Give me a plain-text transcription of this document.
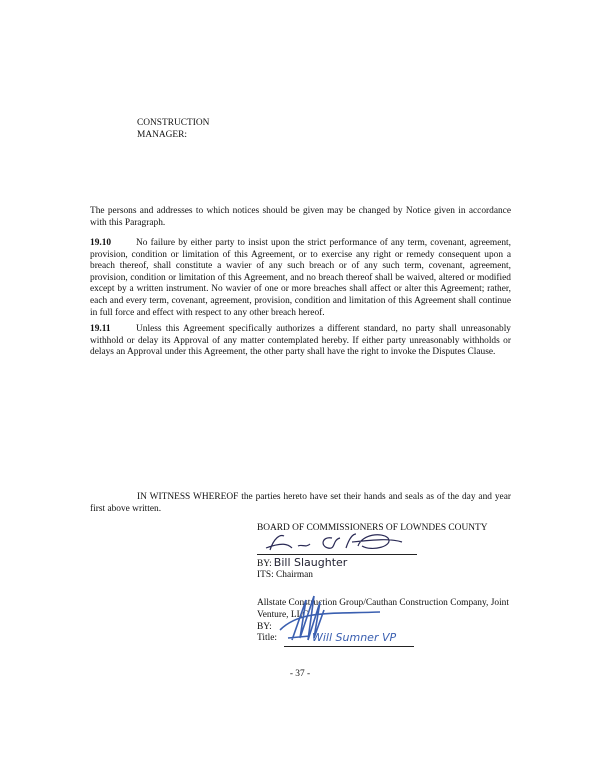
CONSTRUCTION
MANAGER:

The persons and addresses to which notices should be given may be changed by Notice given in accordance with this Paragraph.

19.10	No failure by either party to insist upon the strict performance of any term, covenant, agreement, provision, condition or limitation of this Agreement, or to exercise any right or remedy consequent upon a breach thereof, shall constitute a wavier of any such breach or of any such term, covenant, agreement, provision, condition or limitation of this Agreement, and no breach thereof shall be waived, altered or modified except by a written instrument. No wavier of one or more breaches shall affect or alter this Agreement; rather, each and every term, covenant, agreement, provision, condition and limitation of this Agreement shall continue in full force and effect with respect to any other breach hereof.

19.11	Unless this Agreement specifically authorizes a different standard, no party shall unreasonably withhold or delay its Approval of any matter contemplated hereby. If either party unreasonably withholds or delays an Approval under this Agreement, the other party shall have the right to invoke the Disputes Clause.

IN WITNESS WHEREOF the parties hereto have set their hands and seals as of the day and year first above written.

BOARD OF COMMISSIONERS OF LOWNDES COUNTY
BY: Bill Slaughter
ITS: Chairman
Allstate Construction Group/Cauthan Construction Company, Joint
Venture, LLC
BY:
Title:	Will Sumner VP
- 37 -
